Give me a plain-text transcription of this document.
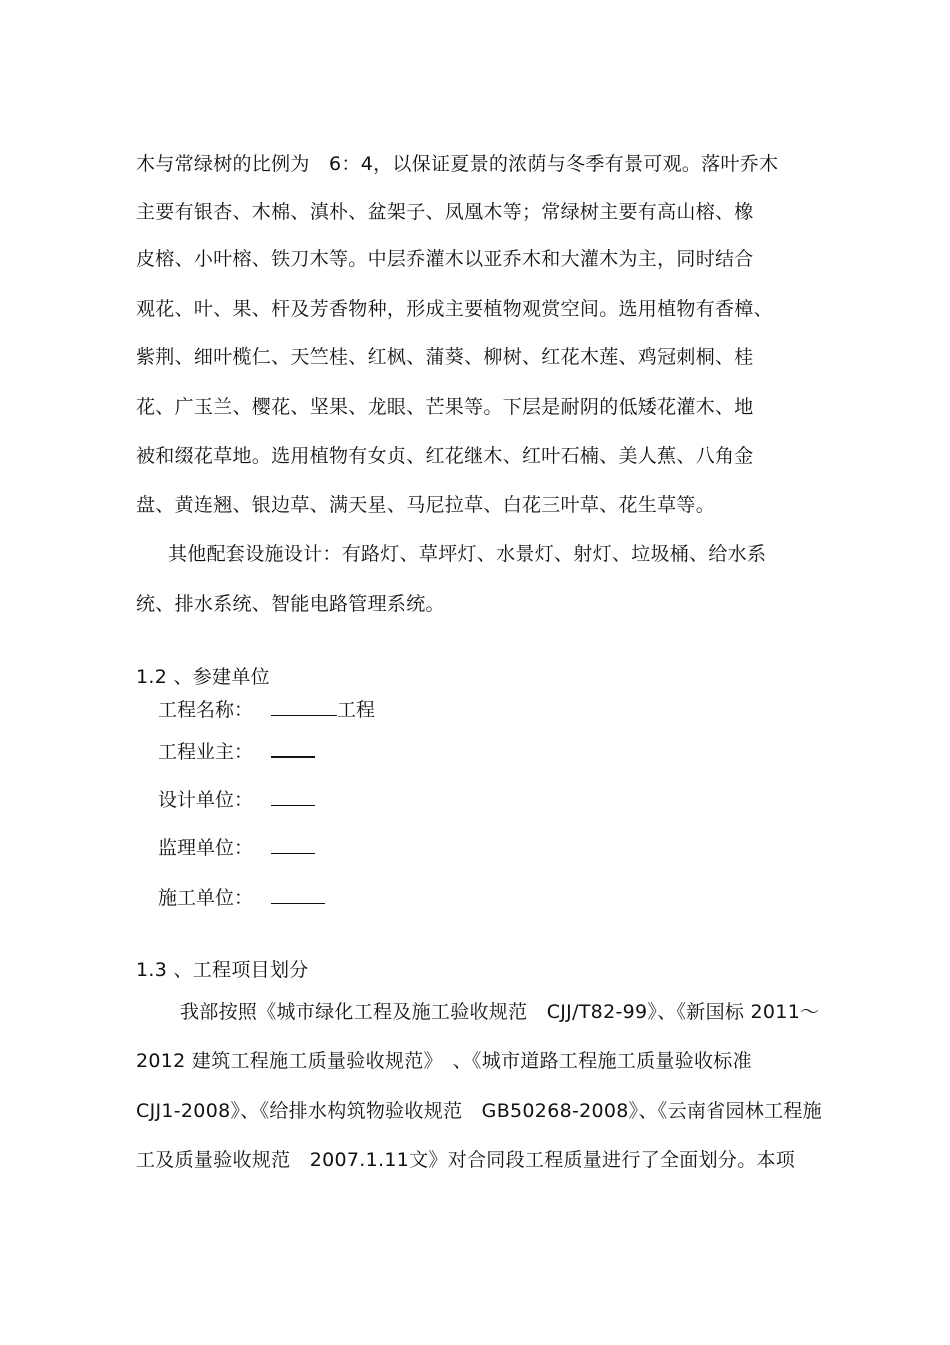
木与常绿树的比例为　6：4，以保证夏景的浓荫与冬季有景可观。落叶乔木
主要有银杏、木棉、滇朴、盆架子、凤凰木等；常绿树主要有高山榕、橡
皮榕、小叶榕、铁刀木等。中层乔灌木以亚乔木和大灌木为主，同时结合
观花、叶、果、杆及芳香物种，形成主要植物观赏空间。选用植物有香樟、
紫荆、细叶榄仁、天竺桂、红枫、蒲葵、柳树、红花木莲、鸡冠刺桐、桂
花、广玉兰、樱花、坚果、龙眼、芒果等。下层是耐阴的低矮花灌木、地
被和缀花草地。选用植物有女贞、红花继木、红叶石楠、美人蕉、八角金
盘、黄连翘、银边草、满天星、马尼拉草、白花三叶草、花生草等。
其他配套设施设计：有路灯、草坪灯、水景灯、射灯、垃圾桶、给水系
统、排水系统、智能电路管理系统。
1.2 、参建单位
工程名称：	工程
工程业主：
设计单位：
监理单位：
施工单位：
1.3 、工程项目划分
我部按照《城市绿化工程及施工验收规范　CJJ/T82-99》、《新国标 2011～
2012 建筑工程施工质量验收规范》　、《城市道路工程施工质量验收标准
CJJ1-2008》、《给排水构筑物验收规范　GB50268-2008》、《云南省园林工程施
工及质量验收规范　2007.1.11文》对合同段工程质量进行了全面划分。本项
